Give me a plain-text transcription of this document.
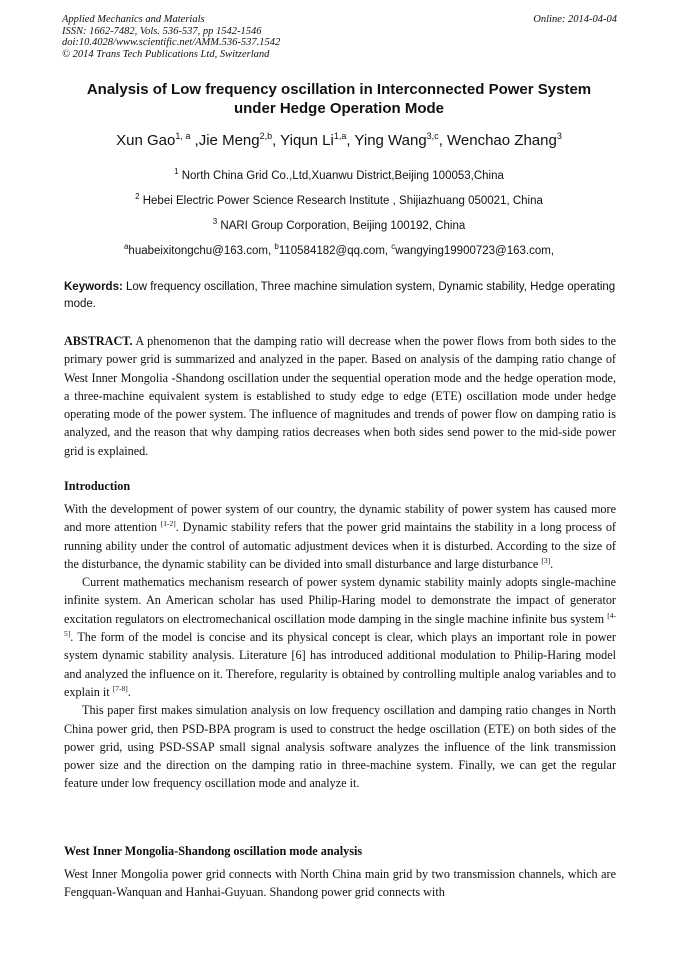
Applied Mechanics and Materials
ISSN: 1662-7482, Vols. 536-537, pp 1542-1546
doi:10.4028/www.scientific.net/AMM.536-537.1542
© 2014 Trans Tech Publications Ltd, Switzerland
Online: 2014-04-04
Analysis of Low frequency oscillation in Interconnected Power System
under Hedge Operation Mode
Xun Gao$^{1, a}$ ,Jie Meng$^{2,b}$, Yiqun Li$^{1,a}$, Ying Wang$^{3,c}$, Wenchao Zhang$^3$
$^1$ North China Grid Co.,Ltd,Xuanwu District,Beijing 100053,China
$^2$ Hebei Electric Power Science Research Institute , Shijiazhuang 050021, China
$^3$ NARI Group Corporation, Beijing 100192, China
$^a$huabeixitongchu@163.com, $^b$110584182@qq.com, $^c$wangying19900723@163.com,
Keywords: Low frequency oscillation, Three machine simulation system, Dynamic stability, Hedge operating mode.

ABSTRACT. A phenomenon that the damping ratio will decrease when the power flows from both sides to the primary power grid is summarized and analyzed in the paper. Based on analysis of the damping ratio change of West Inner Mongolia -Shandong oscillation under the sequential operation mode and the hedge operation mode, a three-machine equivalent system is established to study edge to edge (ETE) oscillation mode under hedge operating mode of the power system. The influence of magnitudes and trends of power flow on damping ratio is analyzed, and the reason that why damping ratios decreases when both sides send power to the mid-side power grid is explained.

Introduction

With the development of power system of our country, the dynamic stability of power system has caused more and more attention [1-2]. Dynamic stability refers that the power grid maintains the stability in a long process of running ability under the control of automatic adjustment devices when it is disturbed. According to the size of the disturbance, the dynamic stability can be divided into small disturbance and large disturbance [3].

Current mathematics mechanism research of power system dynamic stability mainly adopts single-machine infinite system. An American scholar has used Philip-Haring model to demonstrate the impact of generator excitation regulators on electromechanical oscillation mode damping in the single machine infinite bus system [4-5]. The form of the model is concise and its physical concept is clear, which plays an important role in power system dynamic stability analysis. Literature [6] has introduced additional modulation to Philip-Haring model and analyzed the influence on it. Therefore, regularity is obtained by controlling multiple analog variables and to explain it [7-8].

This paper first makes simulation analysis on low frequency oscillation and damping ratio changes in North China power grid, then PSD-BPA program is used to construct the hedge oscillation (ETE) on both sides of the power grid, using PSD-SSAP small signal analysis software analyzes the influence of the link transmission power size and the direction on the damping ratio in three-machine system. Finally, we can get the regular feature under low frequency oscillation mode and analyze it.

West Inner Mongolia-Shandong oscillation mode analysis

West Inner Mongolia power grid connects with North China main grid by two transmission channels, which are Fengquan-Wanquan and Hanhai-Guyuan. Shandong power grid connects with
